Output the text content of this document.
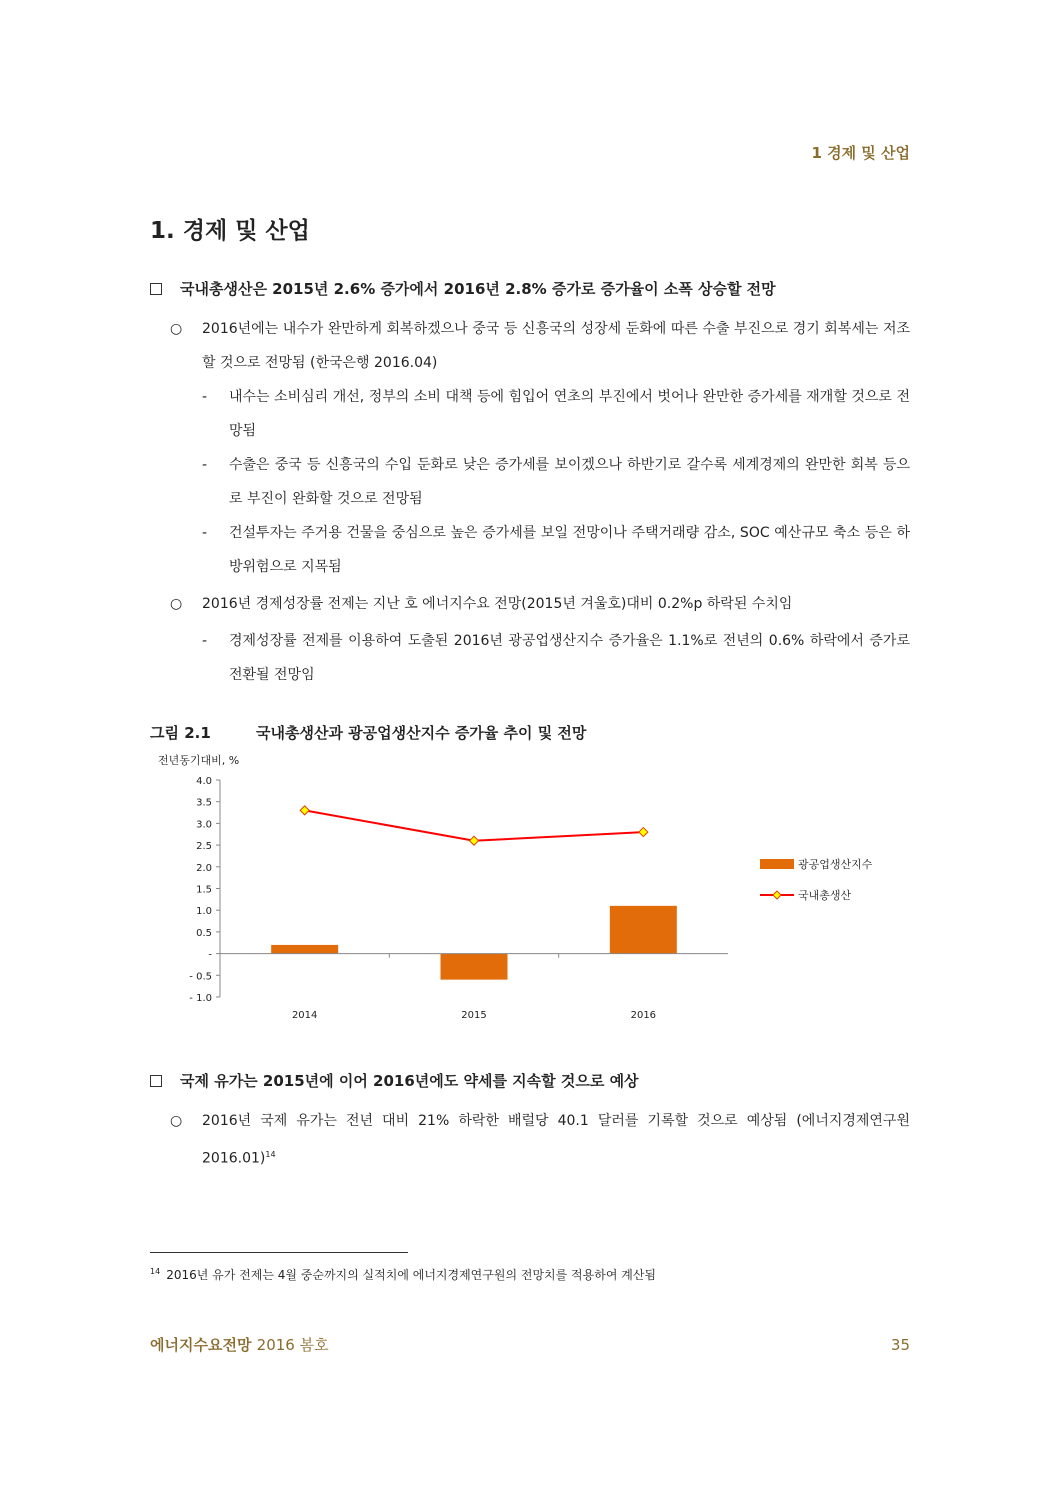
1 경제 및 산업
1. 경제 및 산업
국내총생산은 2015년 2.6% 증가에서 2016년 2.8% 증가로 증가율이 소폭 상승할 전망
○ 2016년에는 내수가 완만하게 회복하겠으나 중국 등 신흥국의 성장세 둔화에 따른 수출 부진으로 경기 회복세는 저조할 것으로 전망됨 (한국은행 2016.04)
- 내수는 소비심리 개선, 정부의 소비 대책 등에 힘입어 연초의 부진에서 벗어나 완만한 증가세를 재개할 것으로 전망됨
- 수출은 중국 등 신흥국의 수입 둔화로 낮은 증가세를 보이겠으나 하반기로 갈수록 세계경제의 완만한 회복 등으로 부진이 완화할 것으로 전망됨
- 건설투자는 주거용 건물을 중심으로 높은 증가세를 보일 전망이나 주택거래량 감소, SOC 예산규모 축소 등은 하방위험으로 지목됨
○ 2016년 경제성장률 전제는 지난 호 에너지수요 전망(2015년 겨울호)대비 0.2%p 하락된 수치임
- 경제성장률 전제를 이용하여 도출된 2016년 광공업생산지수 증가율은 1.1%로 전년의 0.6% 하락에서 증가로 전환될 전망임
그림 2.1	국내총생산과 광공업생산지수 증가율 추이 및 전망
전년동기대비, %
4.0
3.5
3.0
2.5
2.0
1.5
1.0
0.5
-
- 0.5
- 1.0
2014	2015	2016
광공업생산지수
국내총생산
국제 유가는 2015년에 이어 2016년에도 약세를 지속할 것으로 예상
○ 2016년 국제 유가는 전년 대비 21% 하락한 배럴당 40.1 달러를 기록할 것으로 예상됨 (에너지경제연구원 2016.01)$^{14}$
$^{14}$ 2016년 유가 전제는 4월 중순까지의 실적치에 에너지경제연구원의 전망치를 적용하여 계산됨
에너지수요전망 2016 봄호	35
